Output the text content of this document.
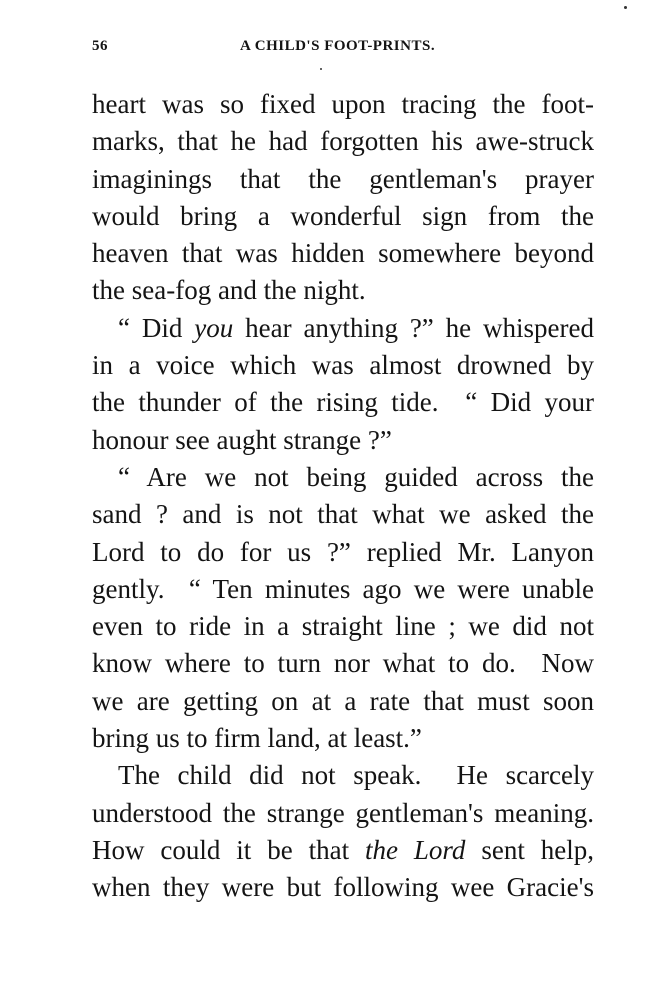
56	A CHILD'S FOOT-PRINTS.
heart was so fixed upon tracing the foot-
marks, that he had forgotten his awe-struck
imaginings that the gentleman's prayer
would bring a wonderful sign from the
heaven that was hidden somewhere beyond
the sea-fog and the night.
“ Did you hear anything ?” he whispered
in a voice which was almost drowned by
the thunder of the rising tide.  “ Did your
honour see aught strange ?”
“ Are we not being guided across the
sand ? and is not that what we asked the
Lord to do for us ?” replied Mr. Lanyon
gently.  “ Ten minutes ago we were unable
even to ride in a straight line ; we did not
know where to turn nor what to do.  Now
we are getting on at a rate that must soon
bring us to firm land, at least.”
The child did not speak.  He scarcely
understood the strange gentleman's meaning.
How could it be that the Lord sent help,
when they were but following wee Gracie's
